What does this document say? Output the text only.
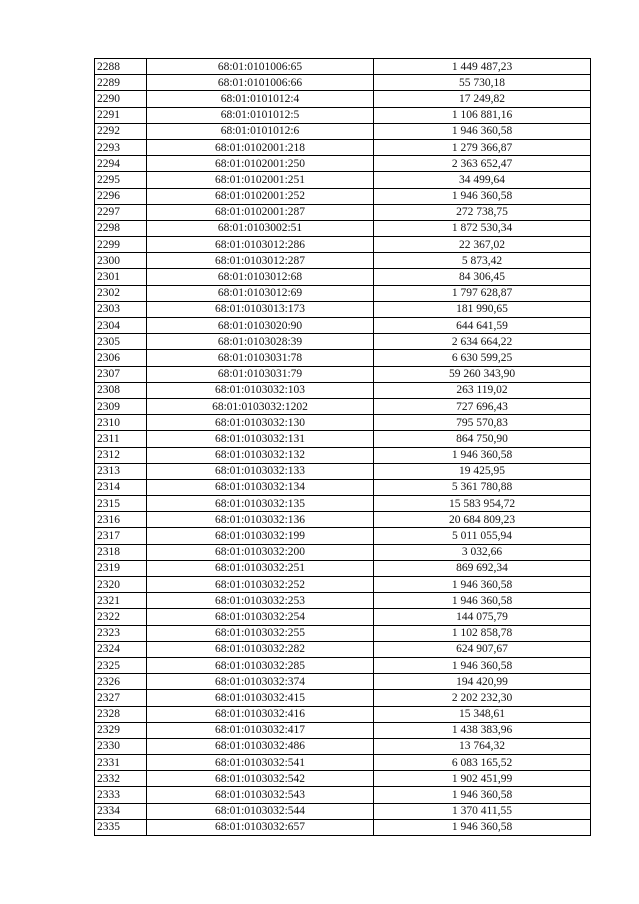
2288	68:01:0101006:65	1 449 487,23
2289	68:01:0101006:66	55 730,18
2290	68:01:0101012:4	17 249,82
2291	68:01:0101012:5	1 106 881,16
2292	68:01:0101012:6	1 946 360,58
2293	68:01:0102001:218	1 279 366,87
2294	68:01:0102001:250	2 363 652,47
2295	68:01:0102001:251	34 499,64
2296	68:01:0102001:252	1 946 360,58
2297	68:01:0102001:287	272 738,75
2298	68:01:0103002:51	1 872 530,34
2299	68:01:0103012:286	22 367,02
2300	68:01:0103012:287	5 873,42
2301	68:01:0103012:68	84 306,45
2302	68:01:0103012:69	1 797 628,87
2303	68:01:0103013:173	181 990,65
2304	68:01:0103020:90	644 641,59
2305	68:01:0103028:39	2 634 664,22
2306	68:01:0103031:78	6 630 599,25
2307	68:01:0103031:79	59 260 343,90
2308	68:01:0103032:103	263 119,02
2309	68:01:0103032:1202	727 696,43
2310	68:01:0103032:130	795 570,83
2311	68:01:0103032:131	864 750,90
2312	68:01:0103032:132	1 946 360,58
2313	68:01:0103032:133	19 425,95
2314	68:01:0103032:134	5 361 780,88
2315	68:01:0103032:135	15 583 954,72
2316	68:01:0103032:136	20 684 809,23
2317	68:01:0103032:199	5 011 055,94
2318	68:01:0103032:200	3 032,66
2319	68:01:0103032:251	869 692,34
2320	68:01:0103032:252	1 946 360,58
2321	68:01:0103032:253	1 946 360,58
2322	68:01:0103032:254	144 075,79
2323	68:01:0103032:255	1 102 858,78
2324	68:01:0103032:282	624 907,67
2325	68:01:0103032:285	1 946 360,58
2326	68:01:0103032:374	194 420,99
2327	68:01:0103032:415	2 202 232,30
2328	68:01:0103032:416	15 348,61
2329	68:01:0103032:417	1 438 383,96
2330	68:01:0103032:486	13 764,32
2331	68:01:0103032:541	6 083 165,52
2332	68:01:0103032:542	1 902 451,99
2333	68:01:0103032:543	1 946 360,58
2334	68:01:0103032:544	1 370 411,55
2335	68:01:0103032:657	1 946 360,58
